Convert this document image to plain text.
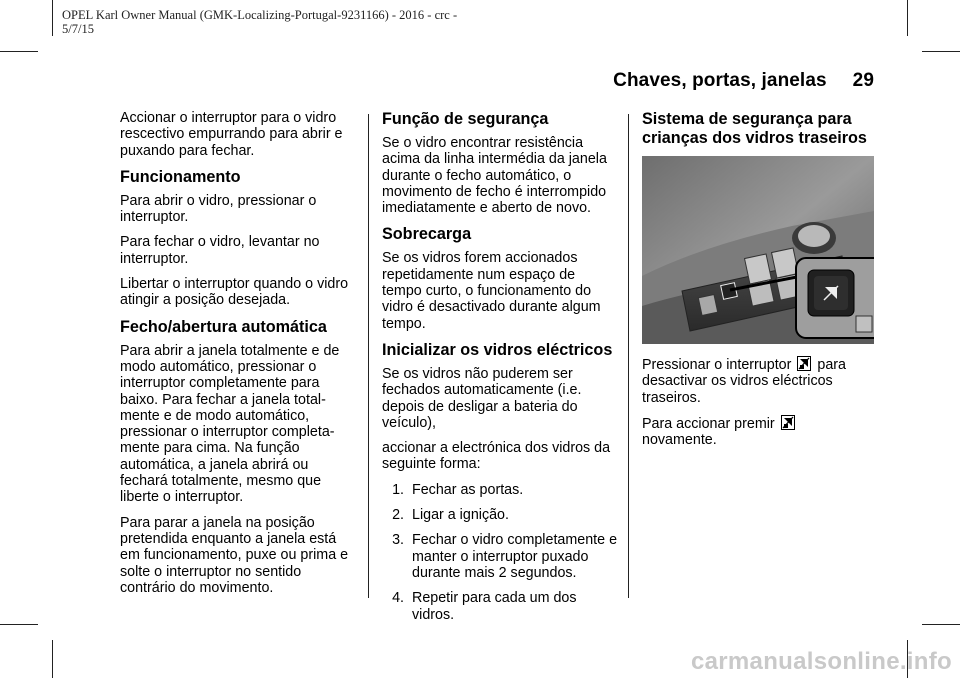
OPEL Karl Owner Manual (GMK-Localizing-Portugal-9231166) - 2016 - crc -
5/7/15
Chaves, portas, janelas 29

Accionar o interruptor para o vidro rescectivo empurrando para abrir e puxando para fechar.

Funcionamento

Para abrir o vidro, pressionar o interruptor.

Para fechar o vidro, levantar no interruptor.

Libertar o interruptor quando o vidro atingir a posição desejada.

Fecho/abertura automática

Para abrir a janela totalmente e de modo automático, pressionar o interruptor completamente para baixo. Para fechar a janela total-mente e de modo automático, pressionar o interruptor completa-mente para cima. Na função automática, a janela abrirá ou fechará totalmente, mesmo que liberte o interruptor.

Para parar a janela na posição pretendida enquanto a janela está em funcionamento, puxe ou prima e solte o interruptor no sentido contrário do movimento.

Função de segurança

Se o vidro encontrar resistência acima da linha intermédia da janela durante o fecho automático, o movimento de fecho é interrompido imediatamente e aberto de novo.

Sobrecarga

Se os vidros forem accionados repetidamente num espaço de tempo curto, o funcionamento do vidro é desactivado durante algum tempo.

Inicializar os vidros eléctricos

Se os vidros não puderem ser fechados automaticamente (i.e. depois de desligar a bateria do veículo),

accionar a electrónica dos vidros da seguinte forma:

1. Fechar as portas.
2. Ligar a ignição.
3. Fechar o vidro completamente e manter o interruptor puxado durante mais 2 segundos.
4. Repetir para cada um dos vidros.
Sistema de segurança para crianças dos vidros traseiros

Pressionar o interruptor para desactivar os vidros eléctricos traseiros.

Para accionar premir
novamente.

carmanualsonline.info
